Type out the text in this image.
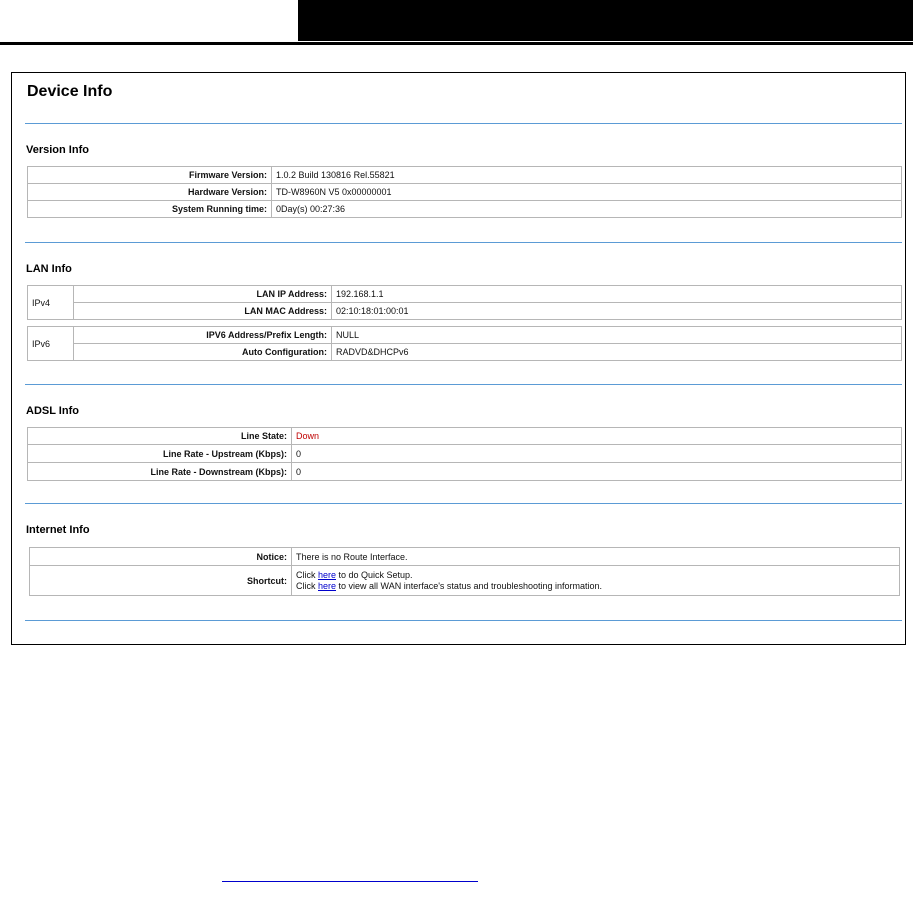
Device Info
Version Info
Firmware Version:	1.0.2 Build 130816 Rel.55821
Hardware Version:	TD-W8960N V5 0x00000001
System Running time:	0Day(s) 00:27:36
LAN Info
IPv4	LAN IP Address:	192.168.1.1
	LAN MAC Address:	02:10:18:01:00:01
IPv6	IPV6 Address/Prefix Length:	NULL
	Auto Configuration:	RADVD&DHCPv6
ADSL Info
Line State:	Down
Line Rate - Upstream (Kbps):	0
Line Rate - Downstream (Kbps):	0
Internet Info
Notice:	There is no Route Interface.
Shortcut:	Click here to do Quick Setup.
Click here to view all WAN interface's status and troubleshooting information.
